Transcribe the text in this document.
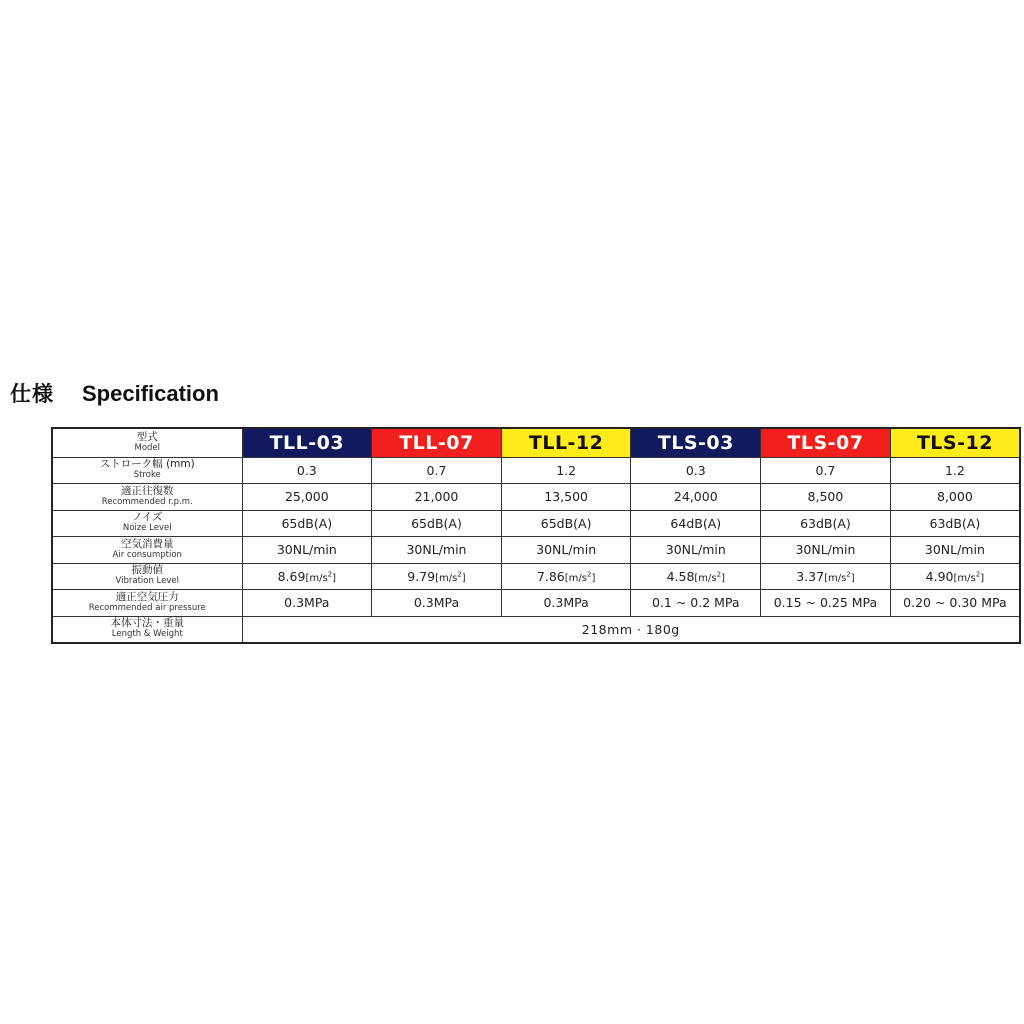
仕様 Specification
型式
Model	TLL-03	TLL-07	TLL-12	TLS-03	TLS-07	TLS-12

ストローク幅 (mm)
Stroke	0.3	0.7	1.2	0.3	0.7	1.2

適正往復数
Recommended r.p.m.	25,000	21,000	13,500	24,000	8,500	8,000

ノイズ
Noize Level	65dB(A)	65dB(A)	65dB(A)	64dB(A)	63dB(A)	63dB(A)

空気消費量
Air consumption	30NL/min	30NL/min	30NL/min	30NL/min	30NL/min	30NL/min

振動値
Vibration Level	$8.69[m/s^2]$	$9.79[m/s^2]$	$7.86[m/s^2]$	$4.58[m/s^2]$	$3.37[m/s^2]$	$4.90[m/s^2]$

適正空気圧力
Recommended air pressure	0.3MPa	0.3MPa	0.3MPa	0.1 ~ 0.2 MPa	0.15 ~ 0.25 MPa	0.20 ~ 0.30 MPa

本体寸法・重量
Length & Weight	218mm · 180g					
